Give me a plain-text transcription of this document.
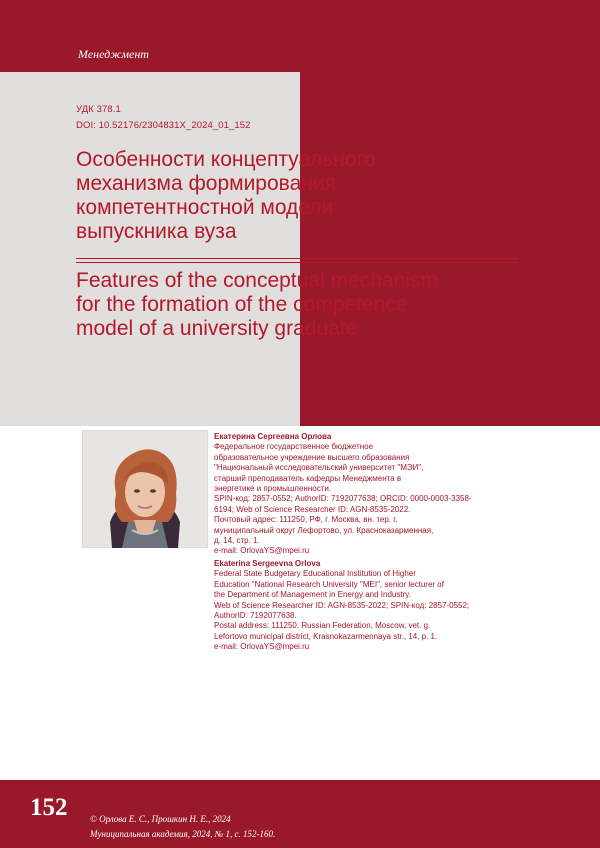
Менеджмент

УДК 378.1

DOI: 10.52176/2304831X_2024_01_152

Особенности концептуального
механизма формирования
компетентностной модели
выпускника вуза
Features of the conceptual mechanism
for the formation of the competence
model of a university graduate

Екатерина Сергеевна Орлова

Федеральное государственное бюджетное

образовательное учреждение высшего образования

"Национальный исследовательский университет "МЭИ",

старший преподаватель кафедры Менеджмента в

энергетике и промышленности.

SPIN-код: 2857-0552; AuthorID: 7192077638; ORCID: 0000-0003-3358-

6194; Web of Science Researcher ID: AGN-8535-2022.

Почтовый адрес: 111250, РФ, г. Москва, вн. тер. г.

муниципальный округ Лефортово, ул. Красноказарменная,

д. 14, стр. 1.

e-mail: OrlovaYS@mpei.ru

Ekaterina Sergeevna Orlova

Federal State Budgetary Educational Institution of Higher

Education "National Research University "MEI", senior lecturer of

the Department of Management in Energy and Industry.

Web of Science Researcher ID: AGN-8535-2022; SPIN-код: 2857-0552;

AuthorID: 7192077638.

Postal address: 111250, Russian Federation, Moscow, vet. g.

Lefortovo municipal district, Krasnokazarmennaya str., 14, p. 1.

e-mail: OrlovaYS@mpei.ru

152	© Орлова Е. С., Прошкин Н. Е., 2024

Муниципальная академия, 2024, № 1, с. 152-160.
